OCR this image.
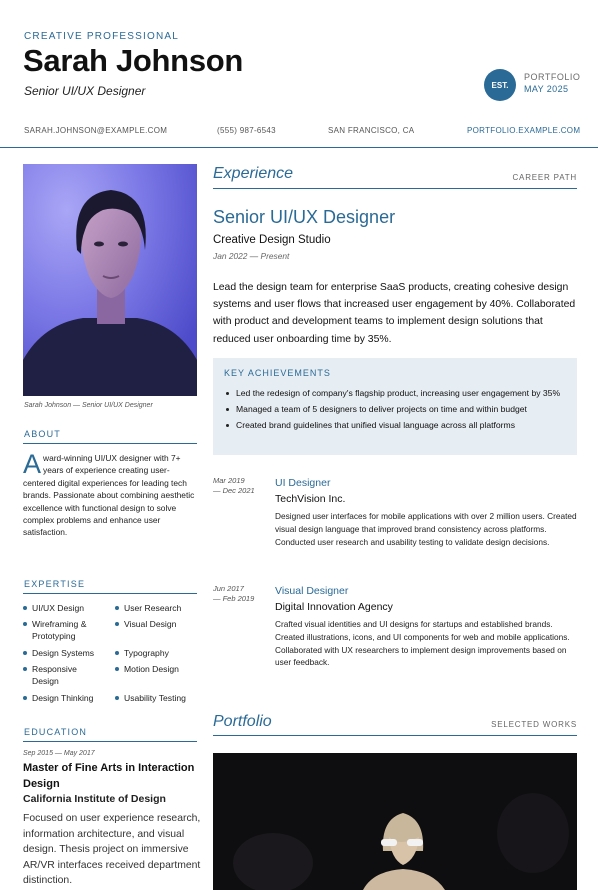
CREATIVE PROFESSIONAL
Sarah Johnson
Senior UI/UX Designer	EST.
PORTFOLIO
MAY 2025
SARAH.JOHNSON@EXAMPLE.COM	(555) 987-6543	SAN FRANCISCO, CA	PORTFOLIO.EXAMPLE.COM
Sarah Johnson — Senior UI/UX Designer
ABOUT
Award-winning UI/UX designer with 7+ years of experience creating user-centered digital experiences for leading tech brands. Passionate about combining aesthetic excellence with functional design to solve complex problems and enhance user satisfaction.
EXPERTISE
UI/UX Design	User Research
Wireframing & Prototyping
Visual Design
Design Systems	Typography
Responsive Design
Motion Design
Design Thinking	Usability Testing
EDUCATION
Sep 2015 — May 2017
Master of Fine Arts in Interaction Design
California Institute of Design
Focused on user experience research, information architecture, and visual design. Thesis project on immersive AR/VR interfaces received department distinction.
Experience	CAREER PATH
Senior UI/UX Designer
Creative Design Studio
Jan 2022 — Present
Lead the design team for enterprise SaaS products, creating cohesive design systems and user flows that increased user engagement by 40%. Collaborated with product and development teams to implement design solutions that reduced user onboarding time by 35%.
KEY ACHIEVEMENTS
Led the redesign of company's flagship product, increasing user engagement by 35%
Managed a team of 5 designers to deliver projects on time and within budget
Created brand guidelines that unified visual language across all platforms
Mar 2019
— Dec 2021
UI Designer
TechVision Inc.
Designed user interfaces for mobile applications with over 2 million users. Created visual design language that improved brand consistency across platforms. Conducted user research and usability testing to validate design decisions.
Jun 2017
— Feb 2019
Visual Designer
Digital Innovation Agency
Crafted visual identities and UI designs for startups and established brands. Created illustrations, icons, and UI components for web and mobile applications. Collaborated with UX researchers to implement design improvements based on user feedback.
Portfolio	SELECTED WORKS
